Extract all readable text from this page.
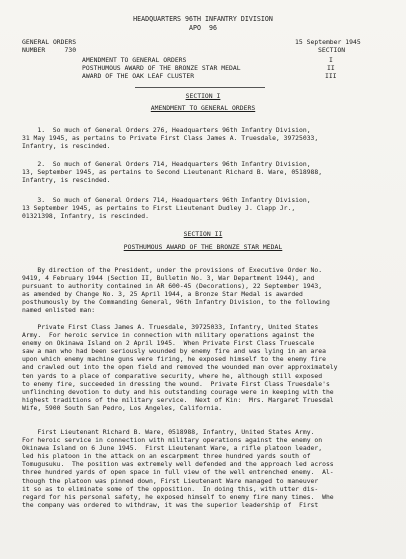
HEADQUARTERS 96TH INFANTRY DIVISION
APO  96
GENERAL ORDERS
NUMBER     730
15 September 1945
SECTION
AMENDMENT TO GENERAL ORDERS	I
POSTHUMOUS AWARD OF THE BRONZE STAR MEDAL	II
AWARD OF THE OAK LEAF CLUSTER	III
SECTION I
AMENDMENT TO GENERAL ORDERS
1.  So much of General Orders 276, Headquarters 96th Infantry Division,
31 May 1945, as pertains to Private First Class James A. Truesdale, 39725033,
Infantry, is rescinded.
2.  So much of General Orders 714, Headquarters 96th Infantry Division,
13, September 1945, as pertains to Second Lieutenant Richard B. Ware, 0518988,
Infantry, is rescinded.
3.  So much of General Orders 714, Headquarters 96th Infantry Division,
13 September 1945, as pertains to First Lieutenant Dudley J. Clapp Jr.,
01321398, Infantry, is rescinded.
SECTION II
POSTHUMOUS AWARD OF THE BRONZE STAR MEDAL
By direction of the President, under the provisions of Executive Order No.
9419, 4 February 1944 (Section II, Bulletin No. 3, War Department 1944), and
pursuant to authority contained in AR 600-45 (Decorations), 22 September 1943,
as amended by Change No. 3, 25 April 1944, a Bronze Star Medal is awarded
posthumously by the Commanding General, 96th Infantry Division, to the following
named enlisted man:
Private First Class James A. Truesdale, 39725033, Infantry, United States
Army.  For heroic service in connection with military operations against the
enemy on Okinawa Island on 2 April 1945.  When Private First Class Truescale
saw a man who had been seriously wounded by enemy fire and was lying in an area
upon which enemy machine guns were firing, he exposed himself to the enemy fire
and crawled out into the open field and removed the wounded man over approximately
ten yards to a place of comparative security, where he, although still exposed
to enemy fire, succeeded in dressing the wound.  Private First Class Truesdale's
unflinching devotion to duty and his outstanding courage were in keeping with the
highest traditions of the military service.  Next of Kin:  Mrs. Margaret Truesdal
Wife, 5900 South San Pedro, Los Angeles, California.
First Lieutenant Richard B. Ware, 0518988, Infantry, United States Army.
For heroic service in connection with military operations against the enemy on
Okinawa Island on 6 June 1945.  First Lieutenant Ware, a rifle platoon leader,
led his platoon in the attack on an escarpment three hundred yards south of
Tomugusuku.  The position was extremely well defended and the approach led across
three hundred yards of open space in full view of the well entrenched enemy.  Al-
though the platoon was pinned down, First Lieutenant Ware managed to maneuver
it so as to eliminate some of the opposition.  In doing this, with utter dis-
regard for his personal safety, he exposed himself to enemy fire many times.  Whe
the company was ordered to withdraw, it was the superior leadership of  First
